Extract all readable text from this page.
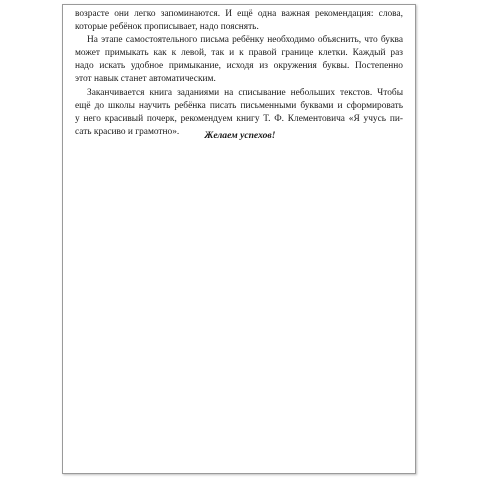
возрасте они легко запоминаются. И ещё одна важная рекомендация: слова,
которые ребёнок прописывает, надо пояснять.
На этапе самостоятельного письма ребёнку необходимо объяснить, что буква
может примыкать как к левой, так и к правой границе клетки. Каждый раз
надо искать удобное примыкание, исходя из окружения буквы. Постепенно
этот навык станет автоматическим.
Заканчивается книга заданиями на списывание небольших текстов. Чтобы
ещё до школы научить ребёнка писать письменными буквами и сформировать
у него красивый почерк, рекомендуем книгу Т. Ф. Клементовича «Я учусь пи-
сать красиво и грамотно».	Желаем успехов!
